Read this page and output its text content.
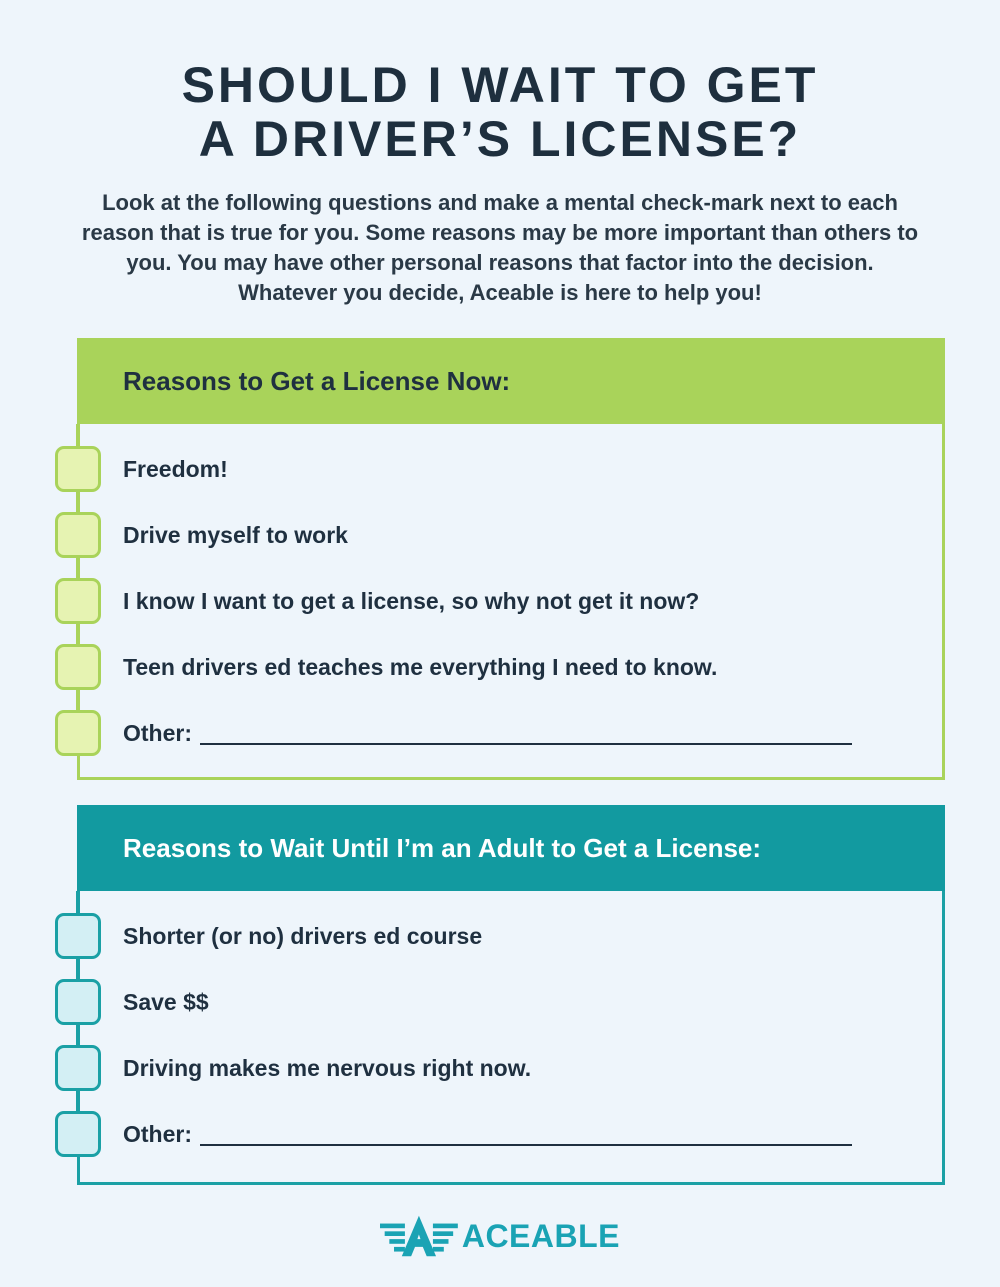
SHOULD I WAIT TO GET
A DRIVER’S LICENSE?

Look at the following questions and make a mental check-mark next to each reason that is true for you. Some reasons may be more important than others to you. You may have other personal reasons that factor into the decision. Whatever you decide, Aceable is here to help you!

Reasons to Get a License Now:
Freedom!
Drive myself to work
I know I want to get a license, so why not get it now?
Teen drivers ed teaches me everything I need to know.
Other:
Reasons to Wait Until I’m an Adult to Get a License:
Shorter (or no) drivers ed course
Save $$
Driving makes me nervous right now.
Other:
ACEABLE
